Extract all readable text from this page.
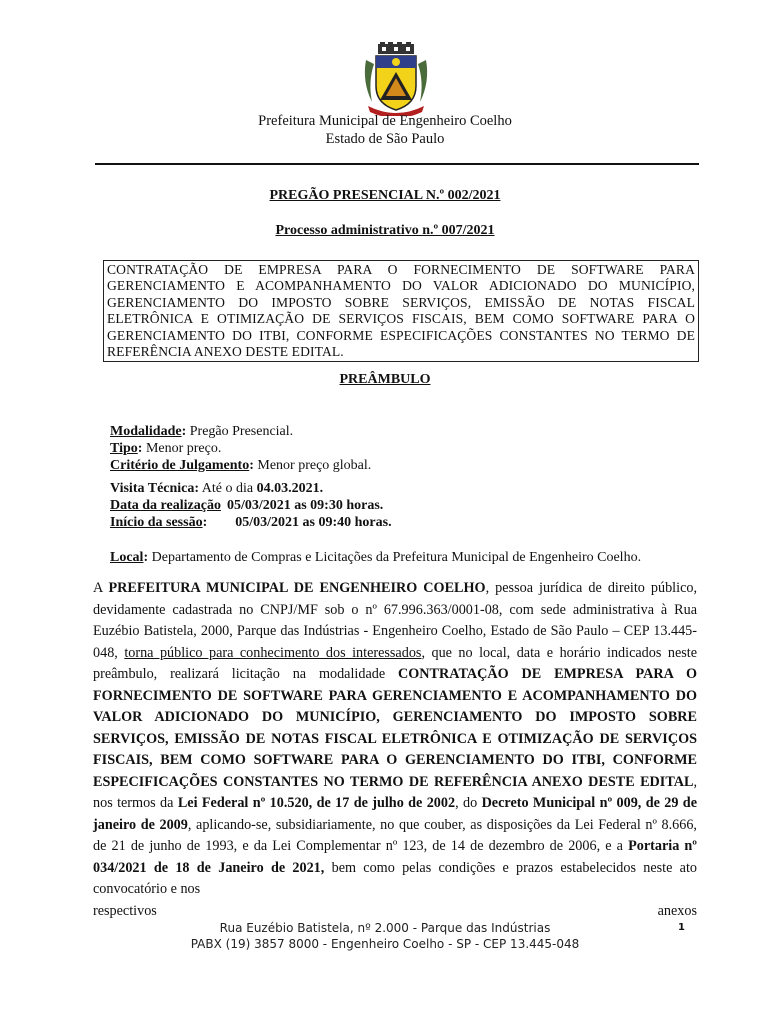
Prefeitura Municipal de Engenheiro Coelho
Estado de São Paulo
PREGÃO PRESENCIAL N.º 002/2021
Processo administrativo n.º 007/2021
CONTRATAÇÃO DE EMPRESA PARA O FORNECIMENTO DE SOFTWARE PARA GERENCIAMENTO E ACOMPANHAMENTO DO VALOR ADICIONADO DO MUNICÍPIO, GERENCIAMENTO DO IMPOSTO SOBRE SERVIÇOS, EMISSÃO DE NOTAS FISCAL ELETRÔNICA E OTIMIZAÇÃO DE SERVIÇOS FISCAIS, BEM COMO SOFTWARE PARA O GERENCIAMENTO DO ITBI, CONFORME ESPECIFICAÇÕES CONSTANTES NO TERMO DE REFERÊNCIA ANEXO DESTE EDITAL.
PREÂMBULO
Modalidade: Pregão Presencial.
Tipo: Menor preço.
Critério de Julgamento: Menor preço global.
Visita Técnica: Até o dia 04.03.2021.
Data da realização 05/03/2021 as 09:30 horas.
Início da sessão: 05/03/2021 as 09:40 horas.
Local: Departamento de Compras e Licitações da Prefeitura Municipal de Engenheiro Coelho.
A PREFEITURA MUNICIPAL DE ENGENHEIRO COELHO, pessoa jurídica de direito público, devidamente cadastrada no CNPJ/MF sob o nº 67.996.363/0001-08, com sede administrativa à Rua Euzébio Batistela, 2000, Parque das Indústrias - Engenheiro Coelho, Estado de São Paulo – CEP 13.445-048, torna público para conhecimento dos interessados, que no local, data e horário indicados neste preâmbulo, realizará licitação na modalidade CONTRATAÇÃO DE EMPRESA PARA O FORNECIMENTO DE SOFTWARE PARA GERENCIAMENTO E ACOMPANHAMENTO DO VALOR ADICIONADO DO MUNICÍPIO, GERENCIAMENTO DO IMPOSTO SOBRE SERVIÇOS, EMISSÃO DE NOTAS FISCAL ELETRÔNICA E OTIMIZAÇÃO DE SERVIÇOS FISCAIS, BEM COMO SOFTWARE PARA O GERENCIAMENTO DO ITBI, CONFORME ESPECIFICAÇÕES CONSTANTES NO TERMO DE REFERÊNCIA ANEXO DESTE EDITAL, nos termos da Lei Federal nº 10.520, de 17 de julho de 2002, do Decreto Municipal nº 009, de 29 de janeiro de 2009, aplicando-se, subsidiariamente, no que couber, as disposições da Lei Federal nº 8.666, de 21 de junho de 1993, e da Lei Complementar nº 123, de 14 de dezembro de 2006, e a Portaria nº 034/2021 de 18 de Janeiro de 2021, bem como pelas condições e prazos estabelecidos neste ato convocatório e nos
respectivos	anexos
Rua Euzébio Batistela, nº 2.000 - Parque das Indústrias
PABX (19) 3857 8000 - Engenheiro Coelho - SP - CEP 13.445-048
1
